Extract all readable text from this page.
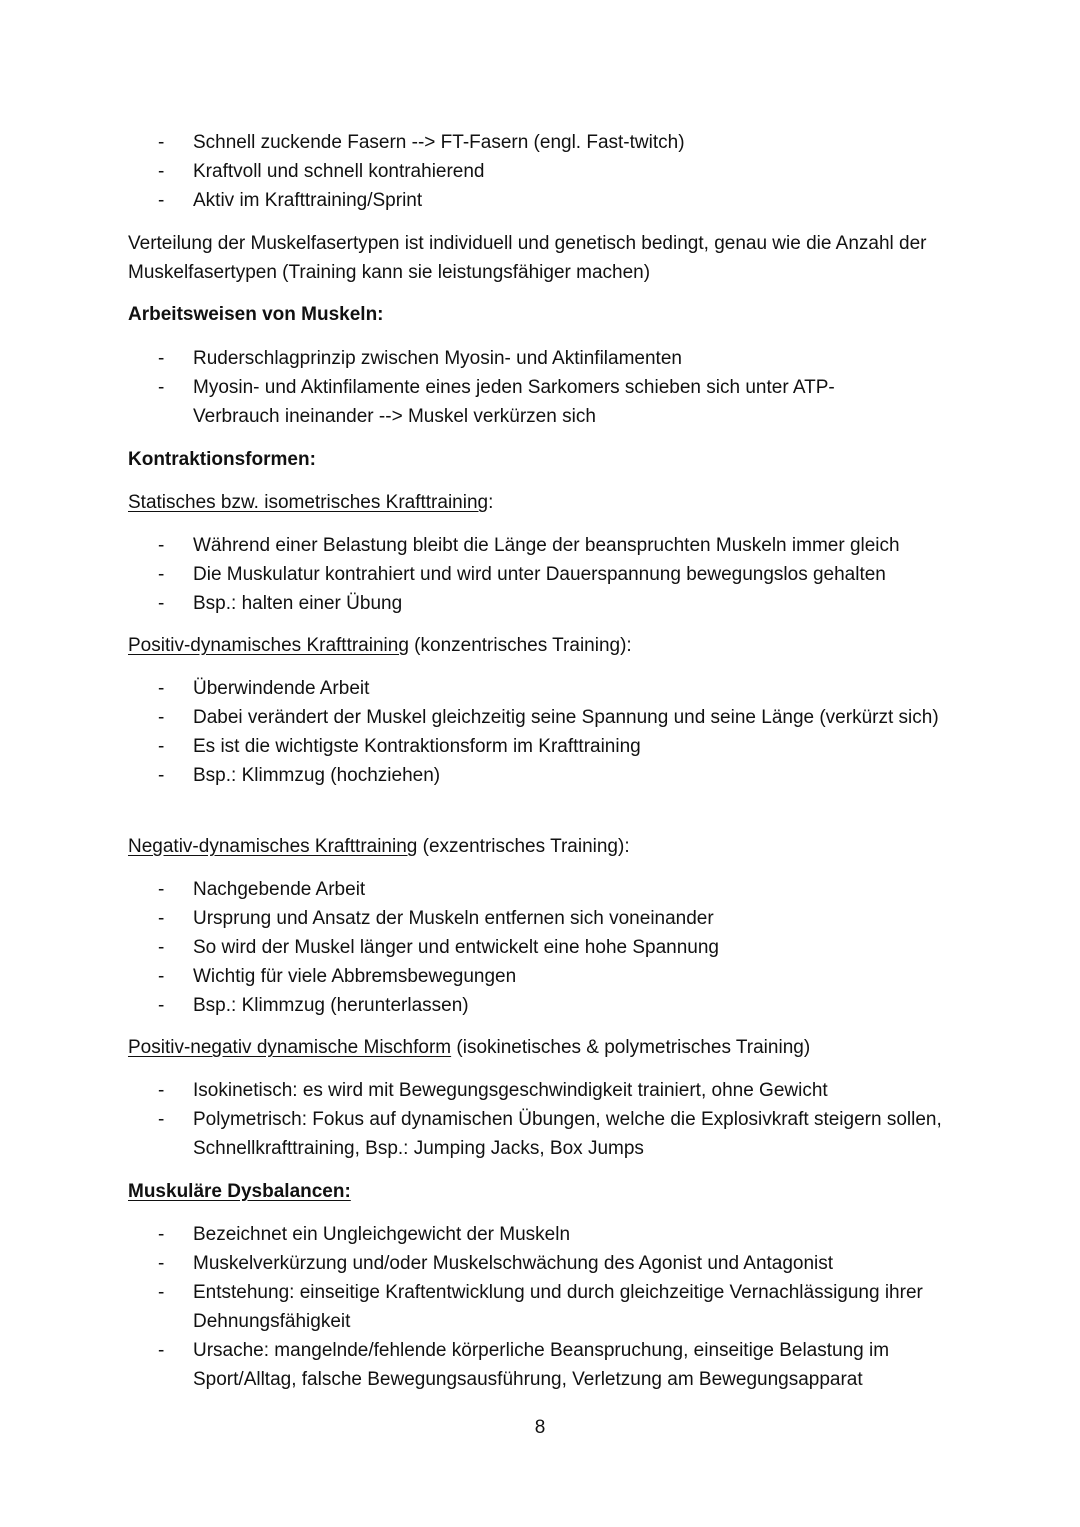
- Schnell zuckende Fasern --> FT-Fasern (engl. Fast-twitch)
- Kraftvoll und schnell kontrahierend
- Aktiv im Krafttraining/Sprint

Verteilung der Muskelfasertypen ist individuell und genetisch bedingt, genau wie die Anzahl der Muskelfasertypen (Training kann sie leistungsfähiger machen)

Arbeitsweisen von Muskeln:

- Ruderschlagprinzip zwischen Myosin- und Aktinfilamenten
- Myosin- und Aktinfilamente eines jeden Sarkomers schieben sich unter ATP-Verbrauch ineinander --> Muskel verkürzen sich

Kontraktionsformen:

Statisches bzw. isometrisches Krafttraining:

- Während einer Belastung bleibt die Länge der beanspruchten Muskeln immer gleich
- Die Muskulatur kontrahiert und wird unter Dauerspannung bewegungslos gehalten
- Bsp.: halten einer Übung

Positiv-dynamisches Krafttraining (konzentrisches Training):

- Überwindende Arbeit
- Dabei verändert der Muskel gleichzeitig seine Spannung und seine Länge (verkürzt sich)
- Es ist die wichtigste Kontraktionsform im Krafttraining
- Bsp.: Klimmzug (hochziehen)

Negativ-dynamisches Krafttraining (exzentrisches Training):

- Nachgebende Arbeit
- Ursprung und Ansatz der Muskeln entfernen sich voneinander
- So wird der Muskel länger und entwickelt eine hohe Spannung
- Wichtig für viele Abbremsbewegungen
- Bsp.: Klimmzug (herunterlassen)

Positiv-negativ dynamische Mischform (isokinetisches & polymetrisches Training)

- Isokinetisch: es wird mit Bewegungsgeschwindigkeit trainiert, ohne Gewicht
- Polymetrisch: Fokus auf dynamischen Übungen, welche die Explosivkraft steigern sollen, Schnellkrafttraining, Bsp.: Jumping Jacks, Box Jumps

Muskuläre Dysbalancen:

- Bezeichnet ein Ungleichgewicht der Muskeln
- Muskelverkürzung und/oder Muskelschwächung des Agonist und Antagonist
- Entstehung: einseitige Kraftentwicklung und durch gleichzeitige Vernachlässigung ihrer Dehnungsfähigkeit
- Ursache: mangelnde/fehlende körperliche Beanspruchung, einseitige Belastung im Sport/Alltag, falsche Bewegungsausführung, Verletzung am Bewegungsapparat
8
